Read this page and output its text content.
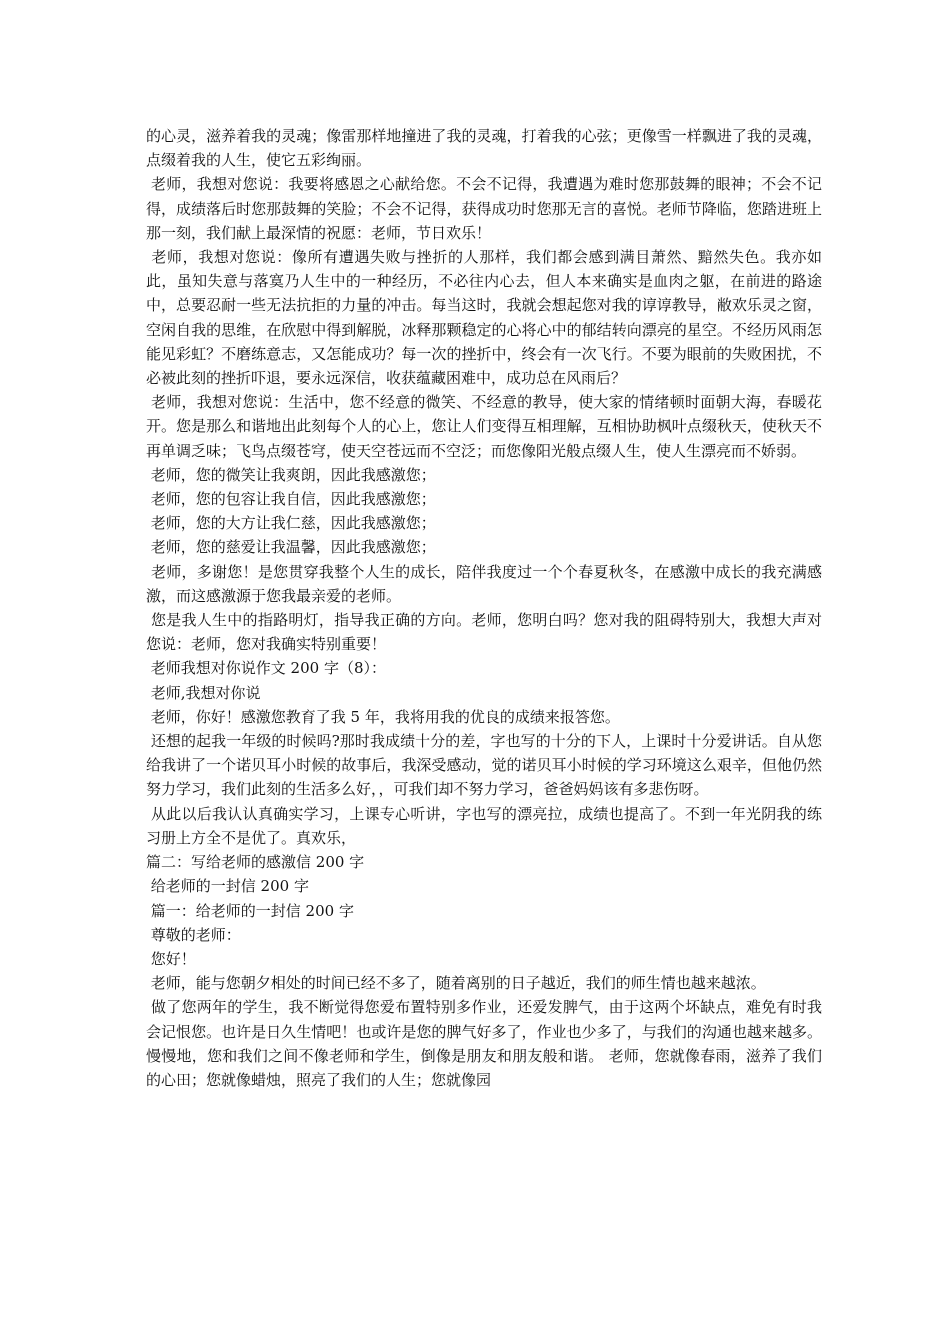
的心灵，滋养着我的灵魂；像雷那样地撞进了我的灵魂，打着我的心弦；更像雪一样飘进了我的灵魂，点缀着我的人生，使它五彩绚丽。

老师，我想对您说：我要将感恩之心献给您。不会不记得，我遭遇为难时您那鼓舞的眼神；不会不记得，成绩落后时您那鼓舞的笑脸；不会不记得，获得成功时您那无言的喜悦。老师节降临，您踏进班上那一刻，我们献上最深情的祝愿：老师，节日欢乐！

老师，我想对您说：像所有遭遇失败与挫折的人那样，我们都会感到满目萧然、黯然失色。我亦如此，虽知失意与落寞乃人生中的一种经历，不必往内心去，但人本来确实是血肉之躯，在前进的路途中，总要忍耐一些无法抗拒的力量的冲击。每当这时，我就会想起您对我的谆谆教导，敝欢乐灵之窗，空闲自我的思维，在欣慰中得到解脱，冰释那颗稳定的心将心中的郁结转向漂亮的星空。不经历风雨怎能见彩虹？不磨练意志，又怎能成功？每一次的挫折中，终会有一次飞行。不要为眼前的失败困扰，不必被此刻的挫折吓退，要永远深信，收获蕴藏困难中，成功总在风雨后？

老师，我想对您说：生活中，您不经意的微笑、不经意的教导，使大家的情绪顿时面朝大海，春暖花开。您是那么和谐地出此刻每个人的心上，您让人们变得互相理解，互相协助枫叶点缀秋天，使秋天不再单调乏味；飞鸟点缀苍穹，使天空苍远而不空泛；而您像阳光般点缀人生，使人生漂亮而不娇弱。

老师，您的微笑让我爽朗，因此我感激您；

老师，您的包容让我自信，因此我感激您；

老师，您的大方让我仁慈，因此我感激您；

老师，您的慈爱让我温馨，因此我感激您；

老师，多谢您！是您贯穿我整个人生的成长，陪伴我度过一个个春夏秋冬，在感激中成长的我充满感激，而这感激源于您我最亲爱的老师。

您是我人生中的指路明灯，指导我正确的方向。老师，您明白吗？您对我的阻碍特别大，我想大声对您说：老师，您对我确实特别重要！

老师我想对你说作文 200 字（8）：

老师,我想对你说

老师，你好！感激您教育了我 5 年，我将用我的优良的成绩来报答您。

还想的起我一年级的时候吗?那时我成绩十分的差，字也写的十分的下人，上课时十分爱讲话。自从您给我讲了一个诺贝耳小时候的故事后，我深受感动，觉的诺贝耳小时候的学习环境这么艰辛，但他仍然努力学习，我们此刻的生活多么好，，可我们却不努力学习，爸爸妈妈该有多悲伤呀。

从此以后我认认真确实学习，上课专心听讲，字也写的漂亮拉，成绩也提高了。不到一年光阴我的练习册上方全不是优了。真欢乐，

篇二：写给老师的感激信 200 字

给老师的一封信 200 字

篇一：给老师的一封信 200 字

尊敬的老师：

您好！

老师，能与您朝夕相处的时间已经不多了，随着离别的日子越近，我们的师生情也越来越浓。

做了您两年的学生，我不断觉得您爱布置特别多作业，还爱发脾气，由于这两个坏缺点，难免有时我会记恨您。也许是日久生情吧！也或许是您的脾气好多了，作业也少多了，与我们的沟通也越来越多。慢慢地，您和我们之间不像老师和学生，倒像是朋友和朋友般和谐。 老师，您就像春雨，滋养了我们的心田；您就像蜡烛，照亮了我们的人生；您就像园
